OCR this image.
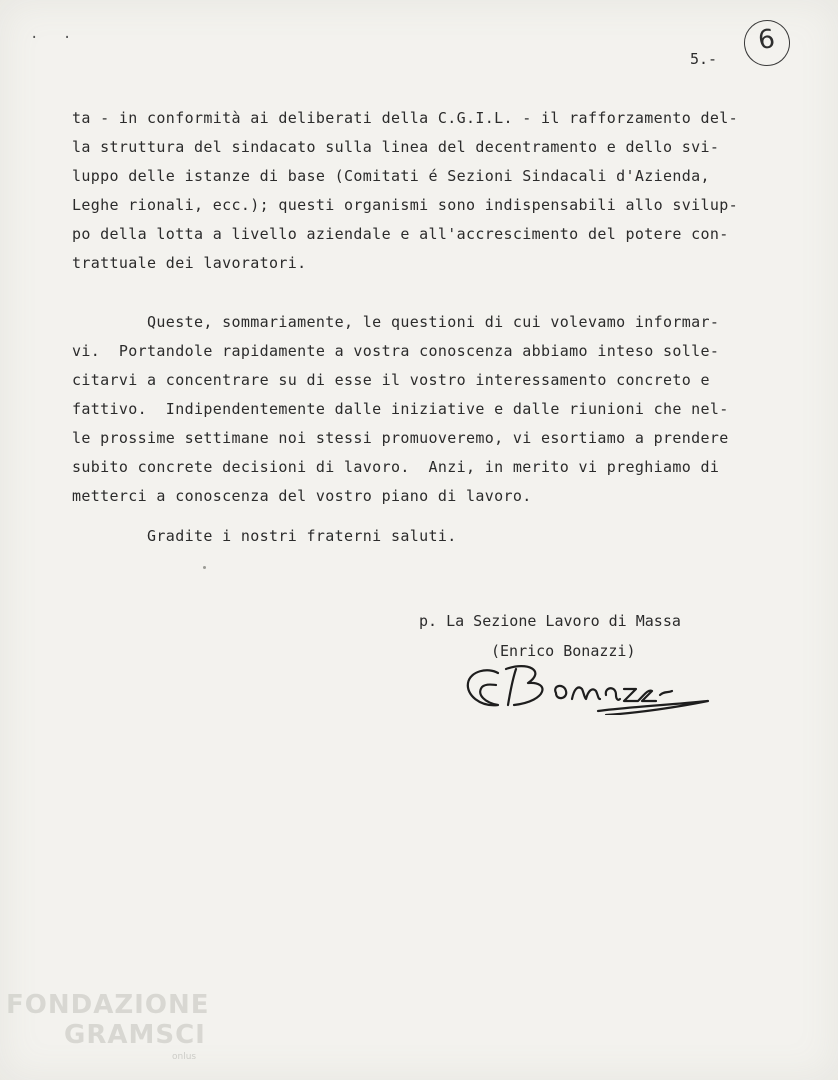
. .
5.-
6
ta - in conformità ai deliberati della C.G.I.L. - il rafforzamento del-
la struttura del sindacato sulla linea del decentramento e dello svi-
luppo delle istanze di base (Comitati é Sezioni Sindacali d'Azienda,
Leghe rionali, ecc.); questi organismi sono indispensabili allo svilup-
po della lotta a livello aziendale e all'accrescimento del potere con-
trattuale dei lavoratori.
Queste, sommariamente, le questioni di cui volevamo informar-
vi.  Portandole rapidamente a vostra conoscenza abbiamo inteso solle-
citarvi a concentrare su di esse il vostro interessamento concreto e
fattivo.  Indipendentemente dalle iniziative e dalle riunioni che nel-
le prossime settimane noi stessi promuoveremo, vi esortiamo a prendere
subito concrete decisioni di lavoro.  Anzi, in merito vi preghiamo di
metterci a conoscenza del vostro piano di lavoro.
Gradite i nostri fraterni saluti.
p. La Sezione Lavoro di Massa
(Enrico Bonazzi)
FONDAZIONE
GRAMSCI
onlus
